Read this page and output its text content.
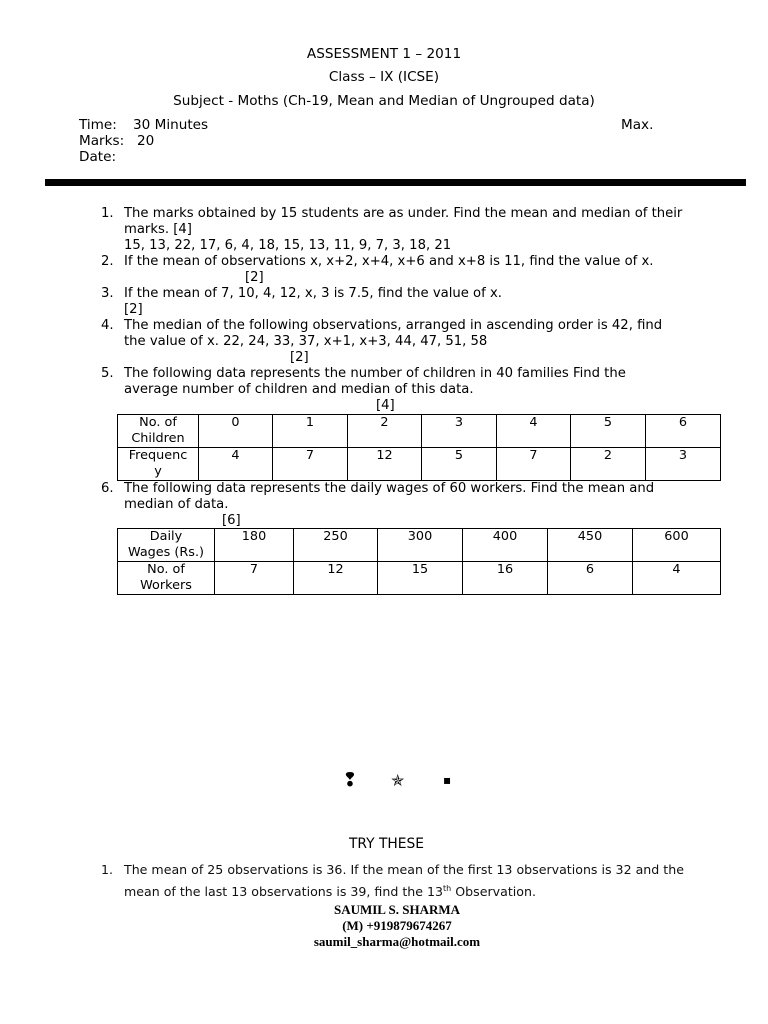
ASSESSMENT 1 – 2011
Class – IX (ICSE)
Subject - Moths (Ch-19, Mean and Median of Ungrouped data)
Time: 30 Minutes	Max.
Marks: 20
Date:
1. The marks obtained by 15 students are as under. Find the mean and median of their
marks. [4]
15, 13, 22, 17, 6, 4, 18, 15, 13, 11, 9, 7, 3, 18, 21
2. If the mean of observations x, x+2, x+4, x+6 and x+8 is 11, find the value of x.
[2]
3. If the mean of 7, 10, 4, 12, x, 3 is 7.5, find the value of x.
[2]
4. The median of the following observations, arranged in ascending order is 42, find
the value of x. 22, 24, 33, 37, x+1, x+3, 44, 47, 51, 58
[2]
5. The following data represents the number of children in 40 families Find the
average number of children and median of this data.
[4]
No. of
Children	0	1	2	3	4	5	6
Frequenc
y	4	7	12	5	7	2	3
6. The following data represents the daily wages of 60 workers. Find the mean and
median of data.
[6]
Daily
Wages (Rs.)	180	250	300	400	450	600
No. of
Workers	7	12	15	16	6	4
❢ ✯	▪
TRY THESE
1. The mean of 25 observations is 36. If the mean of the first 13 observations is 32 and the
mean of the last 13 observations is 39, find the 13th Observation.
SAUMIL S. SHARMA
(M) +919879674267
saumil_sharma@hotmail.com
